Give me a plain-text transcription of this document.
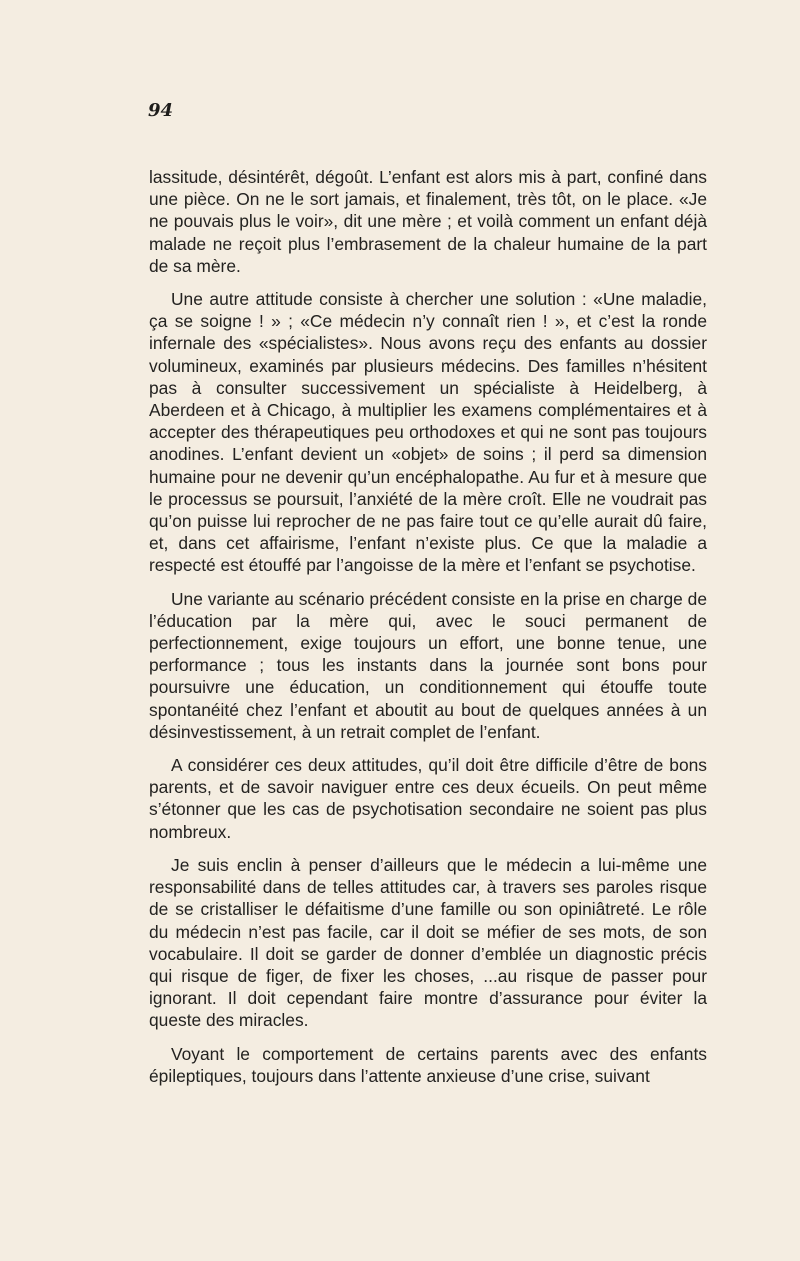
94

lassitude, désintérêt, dégoût. L’enfant est alors mis à part, confiné dans une pièce. On ne le sort jamais, et finalement, très tôt, on le place. «Je ne pouvais plus le voir», dit une mère ; et voilà comment un enfant déjà malade ne reçoit plus l’embrasement de la chaleur humaine de la part de sa mère.

Une autre attitude consiste à chercher une solution : «Une maladie, ça se soigne ! » ; «Ce médecin n’y connaît rien ! », et c’est la ronde infernale des «spécialistes». Nous avons reçu des enfants au dossier volumineux, examinés par plusieurs médecins. Des familles n’hésitent pas à consulter successivement un spécialiste à Heidelberg, à Aberdeen et à Chicago, à multiplier les examens complémentaires et à accepter des thérapeutiques peu orthodoxes et qui ne sont pas toujours anodines. L’enfant devient un «objet» de soins ; il perd sa dimension humaine pour ne devenir qu’un encéphalopathe. Au fur et à mesure que le processus se poursuit, l’anxiété de la mère croît. Elle ne voudrait pas qu’on puisse lui reprocher de ne pas faire tout ce qu’elle aurait dû faire, et, dans cet affairisme, l’enfant n’existe plus. Ce que la maladie a respecté est étouffé par l’angoisse de la mère et l’enfant se psychotise.

Une variante au scénario précédent consiste en la prise en charge de l’éducation par la mère qui, avec le souci permanent de perfectionnement, exige toujours un effort, une bonne tenue, une performance ; tous les instants dans la journée sont bons pour poursuivre une éducation, un conditionnement qui étouffe toute spontanéité chez l’enfant et aboutit au bout de quelques années à un désinvestissement, à un retrait complet de l’enfant.

A considérer ces deux attitudes, qu’il doit être difficile d’être de bons parents, et de savoir naviguer entre ces deux écueils. On peut même s’étonner que les cas de psychotisation secondaire ne soient pas plus nombreux.

Je suis enclin à penser d’ailleurs que le médecin a lui-même une responsabilité dans de telles attitudes car, à travers ses paroles risque de se cristalliser le défaitisme d’une famille ou son opiniâtreté. Le rôle du médecin n’est pas facile, car il doit se méfier de ses mots, de son vocabulaire. Il doit se garder de donner d’emblée un diagnostic précis qui risque de figer, de fixer les choses, ...au risque de passer pour ignorant. Il doit cependant faire montre d’assurance pour éviter la queste des miracles.

Voyant le comportement de certains parents avec des enfants épileptiques, toujours dans l’attente anxieuse d’une crise, suivant
